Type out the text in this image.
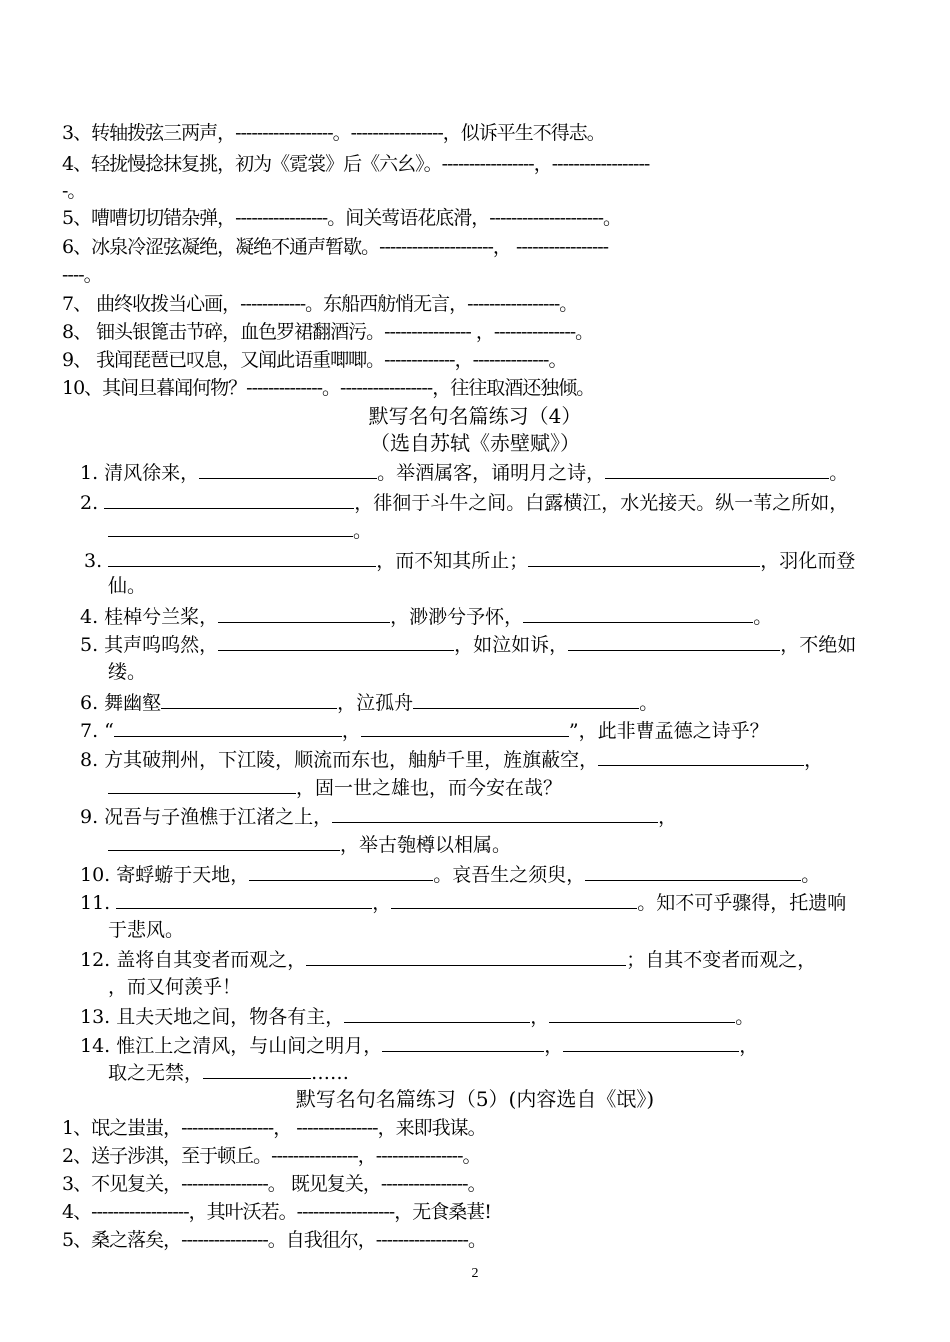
3、转轴拨弦三两声，------------------。-----------------，似诉平生不得志。
4、轻拢慢捻抹复挑，初为《霓裳》后《六幺》。-----------------，------------------
-。
5、嘈嘈切切错杂弹，-----------------。间关莺语花底滑，---------------------。
6、冰泉冷涩弦凝绝，凝绝不通声暂歇。---------------------， -----------------
----。
7、 曲终收拨当心画，------------。东船西舫悄无言，-----------------。
8、 钿头银篦击节碎，血色罗裙翻酒污。---------------- ，---------------。
9、 我闻琵琶已叹息，又闻此语重唧唧。-------------，--------------。
10、其间旦暮闻何物？--------------。-----------------，往往取酒还独倾。
默写名句名篇练习（4）
（选自苏轼《赤壁赋》）
1. 清风徐来，	。举酒属客，诵明月之诗，	。
2.	，徘徊于斗牛之间。白露横江，水光接天。纵一苇之所如，
。
3.	，而不知其所止；	，羽化而登
仙。
4. 桂棹兮兰桨，	，渺渺兮予怀，	。
5. 其声呜呜然，	，如泣如诉，	，不绝如
缕。
6. 舞幽壑	，泣孤舟	。
7. “	，	”，此非曹孟德之诗乎？
8. 方其破荆州，下江陵，顺流而东也，舳舻千里，旌旗蔽空，	，
，固一世之雄也，而今安在哉？
9. 况吾与子渔樵于江渚之上，	，
，举古匏樽以相属。
10. 寄蜉蝣于天地，	。哀吾生之须臾，	。
11.	，	。知不可乎骤得，托遗响
于悲风。
12. 盖将自其变者而观之，	；自其不变者而观之，
，而又何羡乎！
13. 且夫天地之间，物各有主，	，	。
14. 惟江上之清风，与山间之明月，	，	，
取之无禁，	……
默写名句名篇练习（5）(内容选自《氓》)
1、氓之蚩蚩，-----------------， ---------------，来即我谋。
2、送子涉淇，至于顿丘。----------------，----------------。
3、不见复关，----------------。 既见复关，----------------。
4、------------------，其叶沃若。------------------，无食桑葚!
5、桑之落矣，----------------。自我徂尔，-----------------。
2
